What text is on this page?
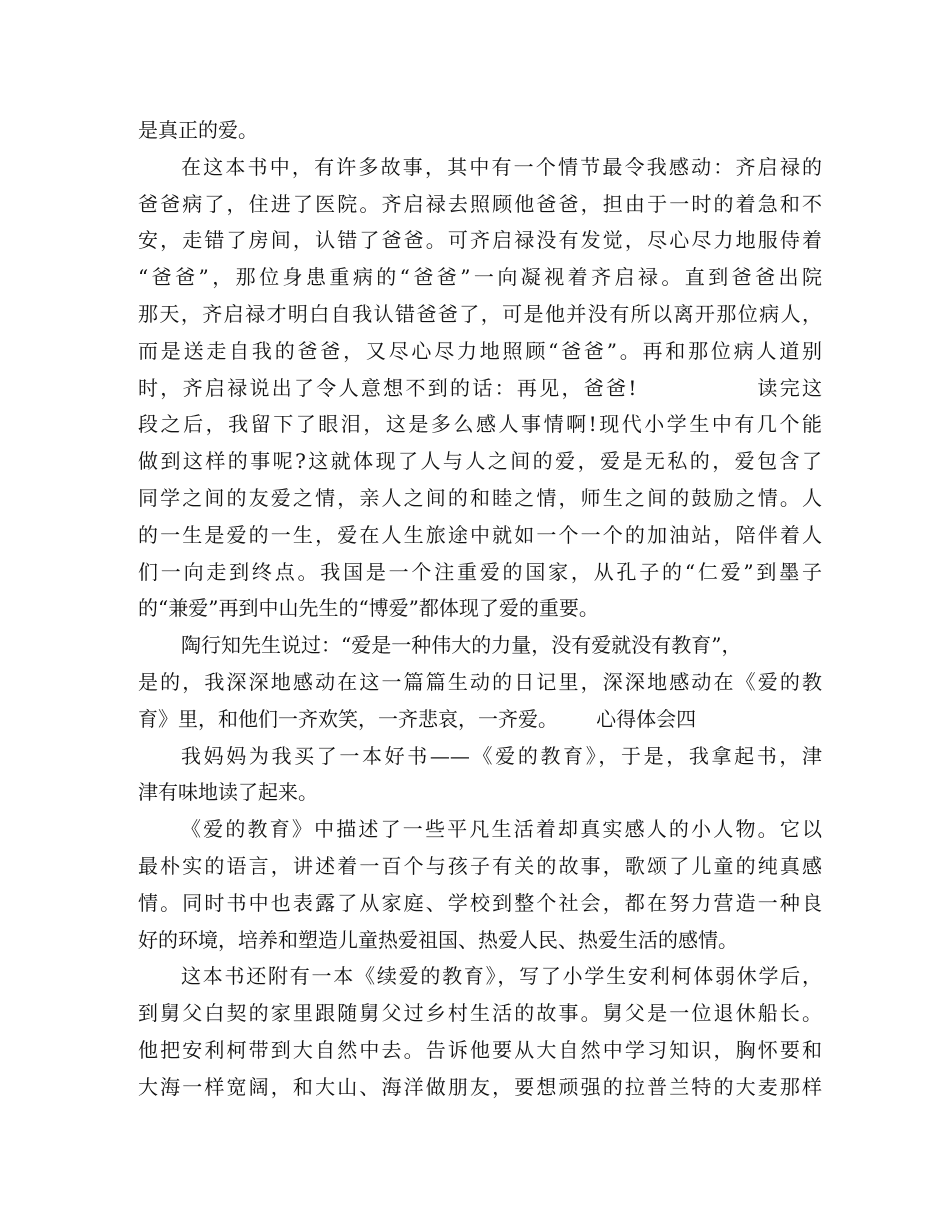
是真正的爱。
在这本书中，有许多故事，其中有一个情节最令我感动：齐启禄的
爸爸病了，住进了医院。齐启禄去照顾他爸爸，担由于一时的着急和不
安，走错了房间，认错了爸爸。可齐启禄没有发觉，尽心尽力地服侍着
“爸爸”，那位身患重病的“爸爸”一向凝视着齐启禄。直到爸爸出院
那天，齐启禄才明白自我认错爸爸了，可是他并没有所以离开那位病人，
而是送走自我的爸爸，又尽心尽力地照顾“爸爸”。再和那位病人道别
时，齐启禄说出了令人意想不到的话：再见，爸爸!              读完这
段之后，我留下了眼泪，这是多么感人事情啊!现代小学生中有几个能
做到这样的事呢?这就体现了人与人之间的爱，爱是无私的，爱包含了
同学之间的友爱之情，亲人之间的和睦之情，师生之间的鼓励之情。人
的一生是爱的一生，爱在人生旅途中就如一个一个的加油站，陪伴着人
们一向走到终点。我国是一个注重爱的国家，从孔子的“仁爱”到墨子
的“兼爱”再到中山先生的“博爱”都体现了爱的重要。
陶行知先生说过：“爱是一种伟大的力量，没有爱就没有教育”，
是的，我深深地感动在这一篇篇生动的日记里，深深地感动在《爱的教
育》里，和他们一齐欢笑，一齐悲哀，一齐爱。      心得体会四
我妈妈为我买了一本好书——《爱的教育》，于是，我拿起书，津
津有味地读了起来。
《爱的教育》中描述了一些平凡生活着却真实感人的小人物。它以
最朴实的语言，讲述着一百个与孩子有关的故事，歌颂了儿童的纯真感
情。同时书中也表露了从家庭、学校到整个社会，都在努力营造一种良
好的环境，培养和塑造儿童热爱祖国、热爱人民、热爱生活的感情。
这本书还附有一本《续爱的教育》，写了小学生安利柯体弱休学后，
到舅父白契的家里跟随舅父过乡村生活的故事。舅父是一位退休船长。
他把安利柯带到大自然中去。告诉他要从大自然中学习知识，胸怀要和
大海一样宽阔，和大山、海洋做朋友，要想顽强的拉普兰特的大麦那样
